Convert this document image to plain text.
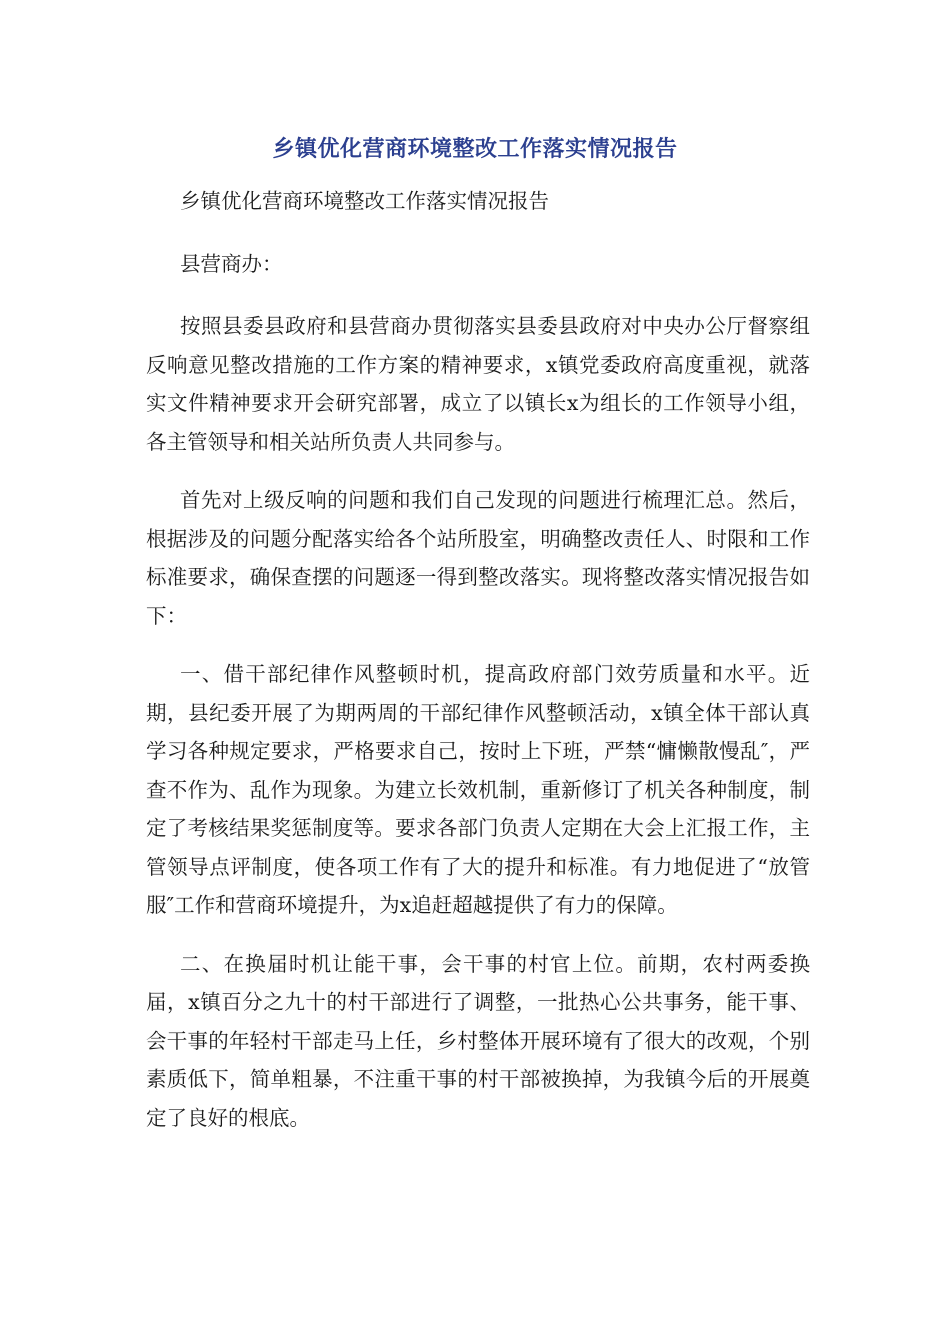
乡镇优化营商环境整改工作落实情况报告

乡镇优化营商环境整改工作落实情况报告

县营商办：

按照县委县政府和县营商办贯彻落实县委县政府对中央办公厅督察组反响意见整改措施的工作方案的精神要求，x镇党委政府高度重视，就落实文件精神要求开会研究部署，成立了以镇长x为组长的工作领导小组，各主管领导和相关站所负责人共同参与。

首先对上级反响的问题和我们自己发现的问题进行梳理汇总。然后，根据涉及的问题分配落实给各个站所股室，明确整改责任人、时限和工作标准要求，确保查摆的问题逐一得到整改落实。现将整改落实情况报告如下：

一、借干部纪律作风整顿时机，提高政府部门效劳质量和水平。近期，县纪委开展了为期两周的干部纪律作风整顿活动，x镇全体干部认真学习各种规定要求，严格要求自己，按时上下班，严禁“慵懒散慢乱″，严查不作为、乱作为现象。为建立长效机制，重新修订了机关各种制度，制定了考核结果奖惩制度等。要求各部门负责人定期在大会上汇报工作，主管领导点评制度，使各项工作有了大的提升和标准。有力地促进了“放管服″工作和营商环境提升，为x追赶超越提供了有力的保障。

二、在换届时机让能干事，会干事的村官上位。前期，农村两委换届，x镇百分之九十的村干部进行了调整，一批热心公共事务，能干事、会干事的年轻村干部走马上任，乡村整体开展环境有了很大的改观，个别素质低下，简单粗暴，不注重干事的村干部被换掉，为我镇今后的开展奠定了良好的根底。
